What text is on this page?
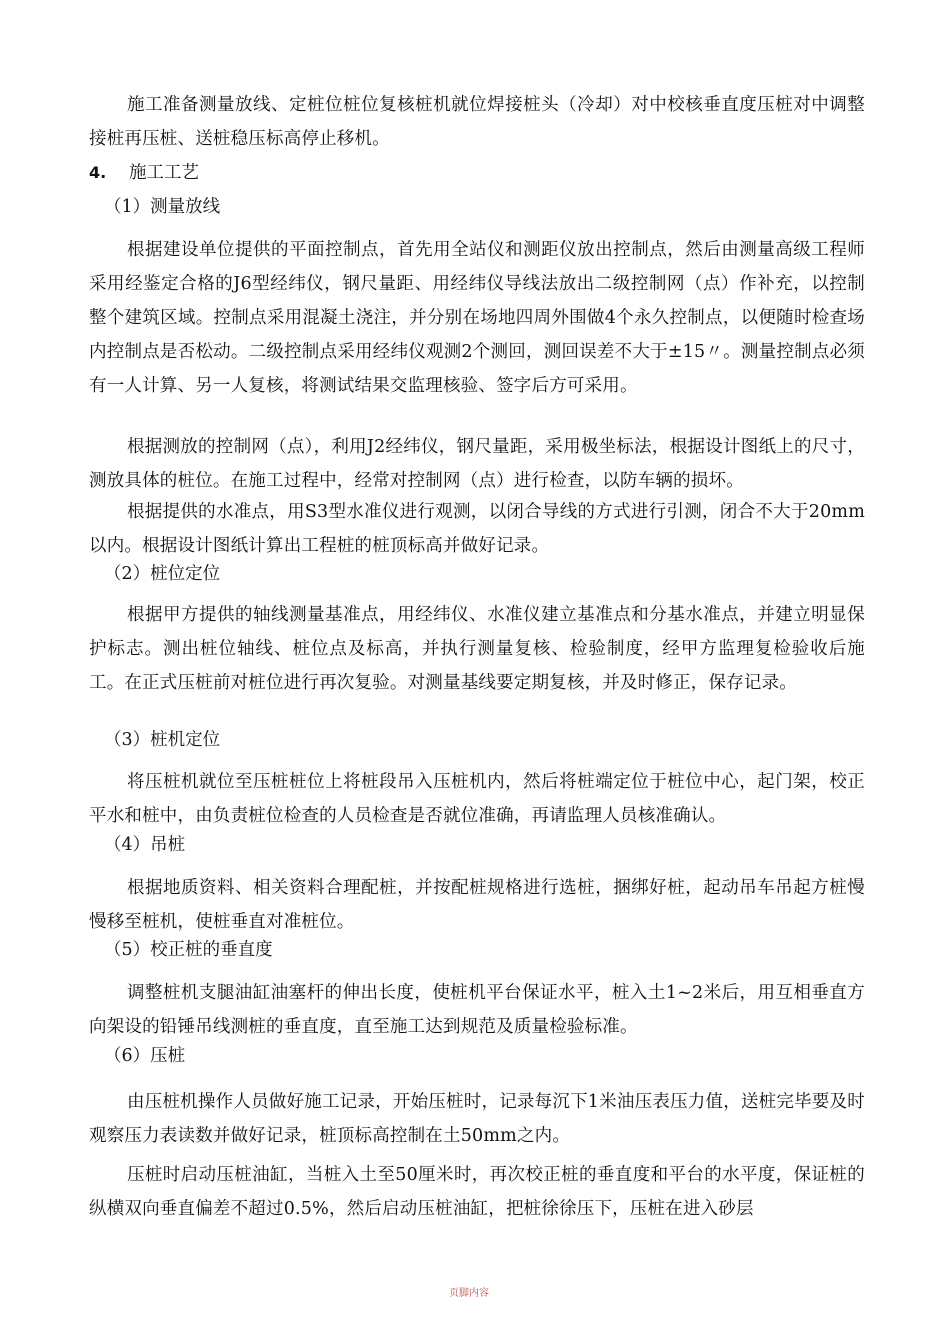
施工准备测量放线、定桩位桩位复核桩机就位焊接桩头（冷却）对中校核垂直度压桩对中调整接桩再压桩、送桩稳压标高停止移机。

4. 施工工艺
（1）测量放线

根据建设单位提供的平面控制点，首先用全站仪和测距仪放出控制点，然后由测量高级工程师采用经鉴定合格的J6型经纬仪，钢尺量距、用经纬仪导线法放出二级控制网（点）作补充，以控制整个建筑区域。控制点采用混凝土浇注，并分别在场地四周外围做4个永久控制点，以便随时检查场内控制点是否松动。二级控制点采用经纬仪观测2个测回，测回误差不大于±15〃。测量控制点必须有一人计算、另一人复核，将测试结果交监理核验、签字后方可采用。

根据测放的控制网（点），利用J2经纬仪，钢尺量距，采用极坐标法，根据设计图纸上的尺寸，测放具体的桩位。在施工过程中，经常对控制网（点）进行检查，以防车辆的损坏。

根据提供的水准点，用S3型水准仪进行观测，以闭合导线的方式进行引测，闭合不大于20mm以内。根据设计图纸计算出工程桩的桩顶标高并做好记录。

（2）桩位定位

根据甲方提供的轴线测量基准点，用经纬仪、水准仪建立基准点和分基水准点，并建立明显保护标志。测出桩位轴线、桩位点及标高，并执行测量复核、检验制度，经甲方监理复检验收后施工。在正式压桩前对桩位进行再次复验。对测量基线要定期复核，并及时修正，保存记录。

（3）桩机定位

将压桩机就位至压桩桩位上将桩段吊入压桩机内，然后将桩端定位于桩位中心，起门架，校正平水和桩中，由负责桩位检查的人员检查是否就位准确，再请监理人员核准确认。

（4）吊桩

根据地质资料、相关资料合理配桩，并按配桩规格进行选桩，捆绑好桩，起动吊车吊起方桩慢慢移至桩机，使桩垂直对准桩位。

（5）校正桩的垂直度

调整桩机支腿油缸油塞杆的伸出长度，使桩机平台保证水平，桩入土1~2米后，用互相垂直方向架设的铅锤吊线测桩的垂直度，直至施工达到规范及质量检验标准。

（6）压桩

由压桩机操作人员做好施工记录，开始压桩时，记录每沉下1米油压表压力值，送桩完毕要及时观察压力表读数并做好记录，桩顶标高控制在土50mm之内。

压桩时启动压桩油缸，当桩入土至50厘米时，再次校正桩的垂直度和平台的水平度，保证桩的纵横双向垂直偏差不超过0.5%，然后启动压桩油缸，把桩徐徐压下，压桩在进入砂层

页脚内容
